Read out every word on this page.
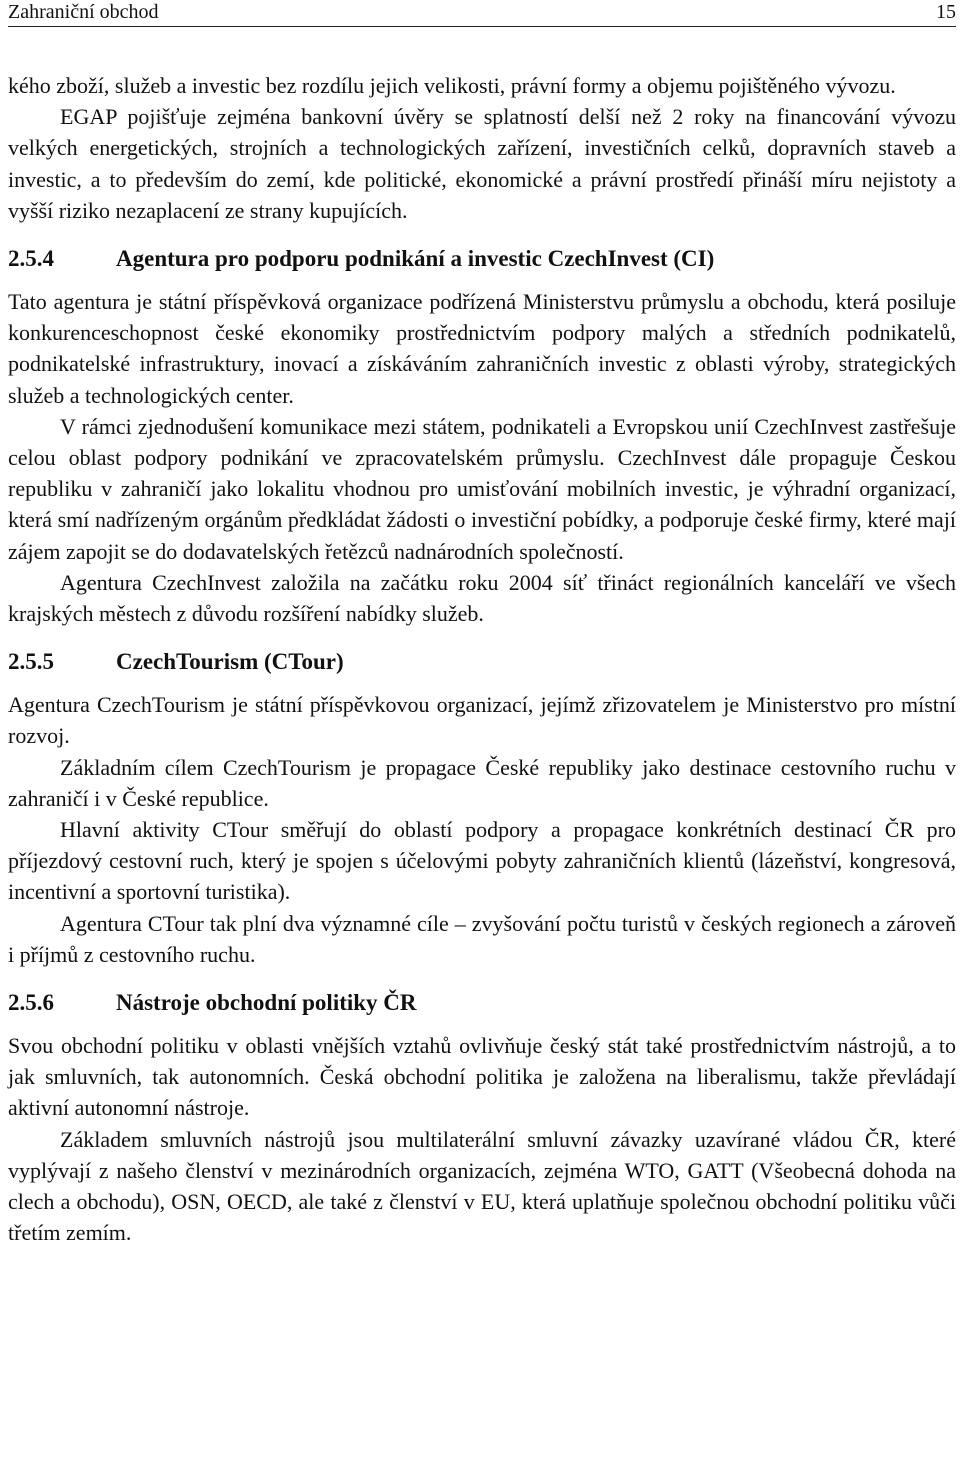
Zahraniční obchod	15

kého zboží, služeb a investic bez rozdílu jejich velikosti, právní formy a objemu pojištěného vývozu.

EGAP pojišťuje zejména bankovní úvěry se splatností delší než 2 roky na financování vývozu velkých energetických, strojních a technologických zařízení, investičních celků, dopravních staveb a investic, a to především do zemí, kde politické, ekonomické a právní prostředí přináší míru nejistoty a vyšší riziko nezaplacení ze strany kupujících.

2.5.4	Agentura pro podporu podnikání a investic CzechInvest (CI)

Tato agentura je státní příspěvková organizace podřízená Ministerstvu průmyslu a obchodu, která posiluje konkurenceschopnost české ekonomiky prostřednictvím podpory malých a středních podnikatelů, podnikatelské infrastruktury, inovací a získáváním zahraničních investic z oblasti výroby, strategických služeb a technologických center.

V rámci zjednodušení komunikace mezi státem, podnikateli a Evropskou unií CzechInvest zastřešuje celou oblast podpory podnikání ve zpracovatelském průmyslu. CzechInvest dále propaguje Českou republiku v zahraničí jako lokalitu vhodnou pro umisťování mobilních investic, je výhradní organizací, která smí nadřízeným orgánům předkládat žádosti o investiční pobídky, a podporuje české firmy, které mají zájem zapojit se do dodavatelských řetězců nadnárodních společností.

Agentura CzechInvest založila na začátku roku 2004 síť třináct regionálních kanceláří ve všech krajských městech z důvodu rozšíření nabídky služeb.

2.5.5	CzechTourism (CTour)

Agentura CzechTourism je státní příspěvkovou organizací, jejímž zřizovatelem je Ministerstvo pro místní rozvoj.

Základním cílem CzechTourism je propagace České republiky jako destinace cestovního ruchu v zahraničí i v České republice.

Hlavní aktivity CTour směřují do oblastí podpory a propagace konkrétních destinací ČR pro příjezdový cestovní ruch, který je spojen s účelovými pobyty zahraničních klientů (lázeňství, kongresová, incentivní a sportovní turistika).

Agentura CTour tak plní dva významné cíle – zvyšování počtu turistů v českých regionech a zároveň i příjmů z cestovního ruchu.

2.5.6	Nástroje obchodní politiky ČR

Svou obchodní politiku v oblasti vnějších vztahů ovlivňuje český stát také prostřednictvím nástrojů, a to jak smluvních, tak autonomních. Česká obchodní politika je založena na liberalismu, takže převládají aktivní autonomní nástroje.

Základem smluvních nástrojů jsou multilaterální smluvní závazky uzavírané vládou ČR, které vyplývají z našeho členství v mezinárodních organizacích, zejména WTO, GATT (Všeobecná dohoda na clech a obchodu), OSN, OECD, ale také z členství v EU, která uplatňuje společnou obchodní politiku vůči třetím zemím.
